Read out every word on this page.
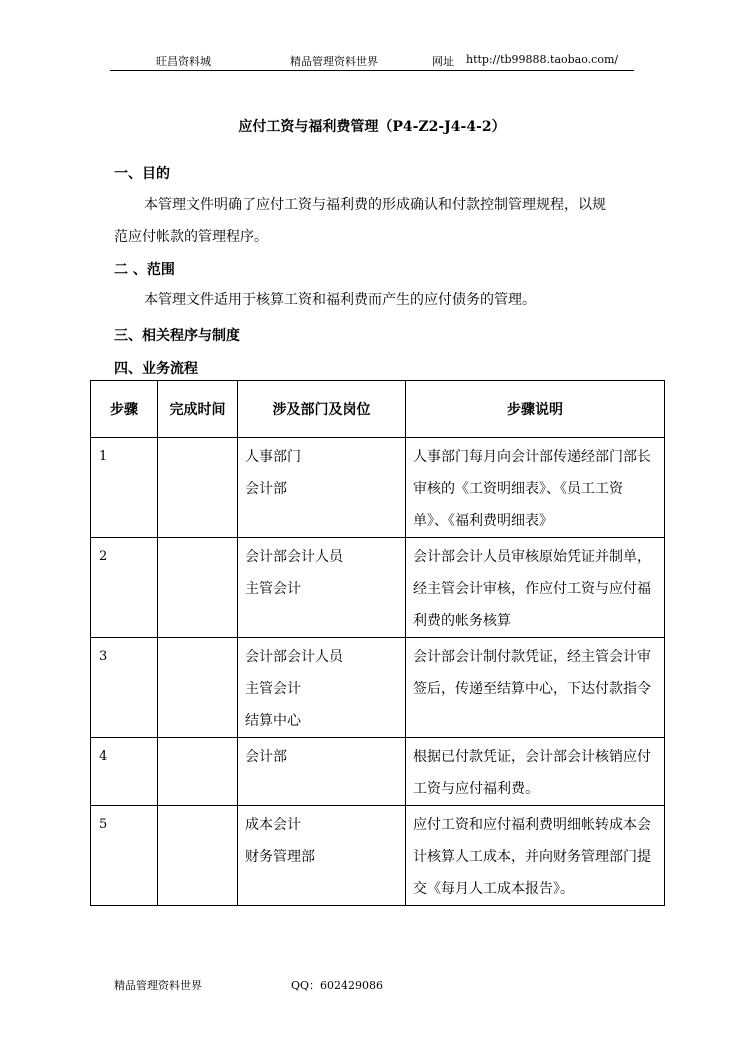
旺昌资料城	精品管理资料世界	网址 http://tb99888.taobao.com/
应付工资与福利费管理（P4-Z2-J4-4-2）
一、目的

本管理文件明确了应付工资与福利费的形成确认和付款控制管理规程，以规

范应付帐款的管理程序。

二 、范围

本管理文件适用于核算工资和福利费而产生的应付债务的管理。

三、相关程序与制度
四、业务流程
步骤	完成时间	涉及部门及岗位	步骤说明
1		人事部门
会计部	人事部门每月向会计部传递经部门部长审核的《工资明细表》、《员工工资单》、《福利费明细表》
2		会计部会计人员
主管会计	会计部会计人员审核原始凭证并制单，经主管会计审核，作应付工资与应付福利费的帐务核算
3		会计部会计人员
主管会计
结算中心	会计部会计制付款凭证，经主管会计审签后，传递至结算中心，下达付款指令
4		会计部	根据已付款凭证，会计部会计核销应付工资与应付福利费。
5		成本会计
财务管理部	应付工资和应付福利费明细帐转成本会计核算人工成本，并向财务管理部门提交《每月人工成本报告》。
精品管理资料世界	QQ：602429086
